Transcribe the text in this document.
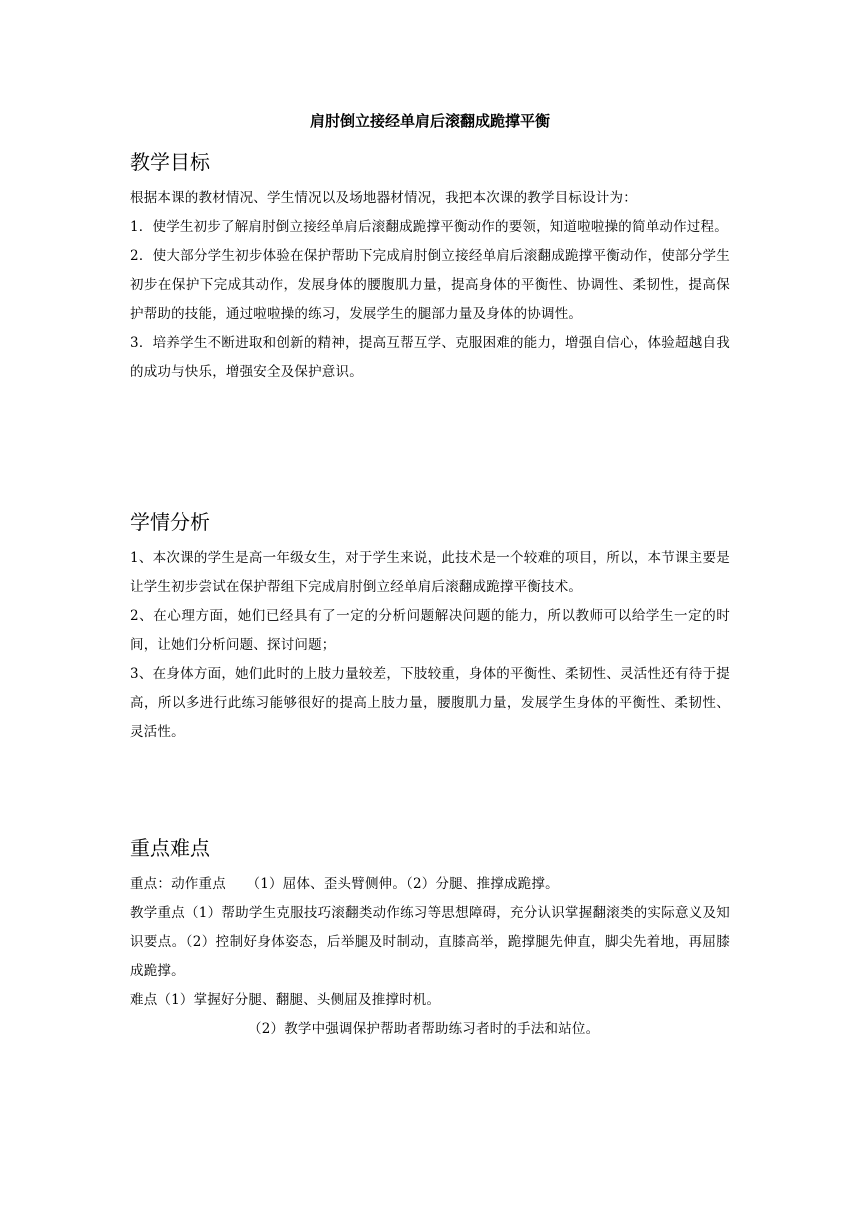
肩肘倒立接经单肩后滚翻成跪撑平衡
教学目标

根据本课的教材情况、学生情况以及场地器材情况，我把本次课的教学目标设计为：

1．使学生初步了解肩肘倒立接经单肩后滚翻成跪撑平衡动作的要领，知道啦啦操的简单动作过程。

2．使大部分学生初步体验在保护帮助下完成肩肘倒立接经单肩后滚翻成跪撑平衡动作，使部分学生初步在保护下完成其动作，发展身体的腰腹肌力量，提高身体的平衡性、协调性、柔韧性，提高保护帮助的技能，通过啦啦操的练习，发展学生的腿部力量及身体的协调性。

3．培养学生不断进取和创新的精神，提高互帮互学、克服困难的能力，增强自信心，体验超越自我的成功与快乐，增强安全及保护意识。

学情分析

1、本次课的学生是高一年级女生，对于学生来说，此技术是一个较难的项目，所以，本节课主要是让学生初步尝试在保护帮组下完成肩肘倒立经单肩后滚翻成跪撑平衡技术。

2、在心理方面，她们已经具有了一定的分析问题解决问题的能力，所以教师可以给学生一定的时间，让她们分析问题、探讨问题；

3、在身体方面，她们此时的上肢力量较差，下肢较重，身体的平衡性、柔韧性、灵活性还有待于提高，所以多进行此练习能够很好的提高上肢力量，腰腹肌力量，发展学生身体的平衡性、柔韧性、灵活性。

重点难点

重点：动作重点　　（1）屈体、歪头臂侧伸。（2）分腿、推撑成跪撑。

教学重点（1）帮助学生克服技巧滚翻类动作练习等思想障碍，充分认识掌握翻滚类的实际意义及知识要点。（2）控制好身体姿态，后举腿及时制动，直膝高举，跪撑腿先伸直，脚尖先着地，再屈膝成跪撑。

难点（1）掌握好分腿、翻腿、头侧屈及推撑时机。

（2）教学中强调保护帮助者帮助练习者时的手法和站位。
